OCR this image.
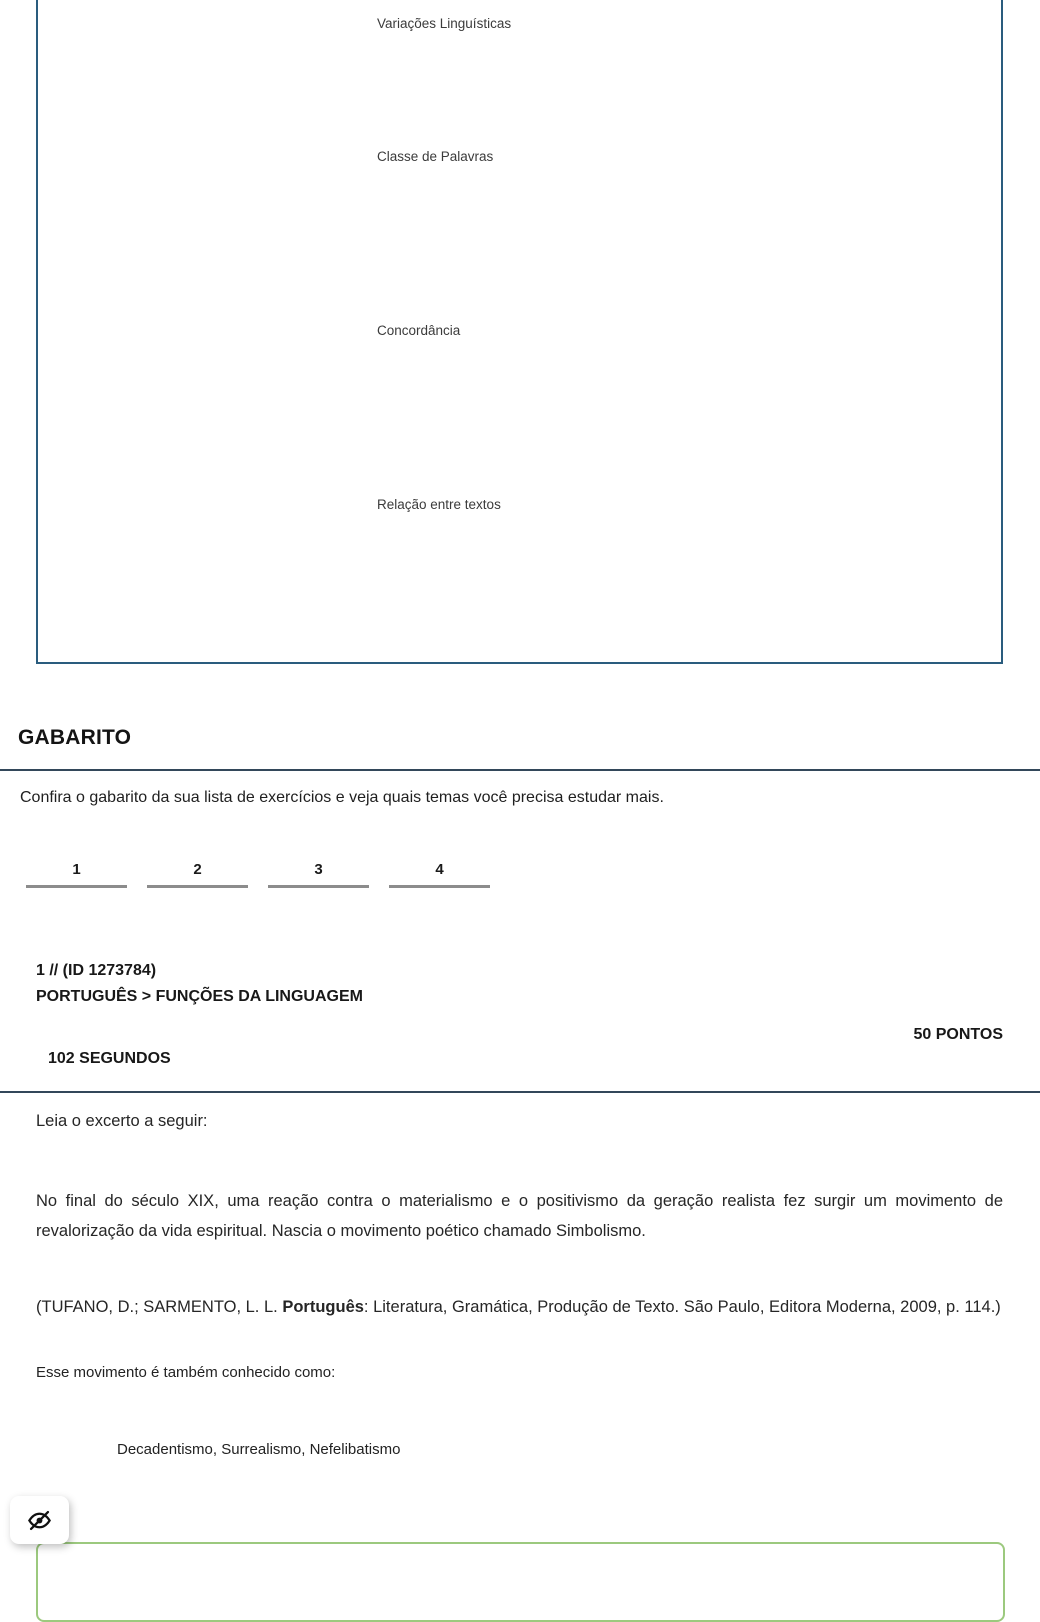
Variações Linguísticas
Classe de Palavras
Concordância
Relação entre textos
GABARITO
Confira o gabarito da sua lista de exercícios e veja quais temas você precisa estudar mais.
1	2	3	4
1 // (ID 1273784)
PORTUGUÊS > FUNÇÕES DA LINGUAGEM
50 PONTOS
102 SEGUNDOS
Leia o excerto a seguir:
No final do século XIX, uma reação contra o materialismo e o positivismo da geração realista fez surgir um movimento de revalorização da vida espiritual. Nascia o movimento poético chamado Simbolismo.
(TUFANO, D.; SARMENTO, L. L. Português: Literatura, Gramática, Produção de Texto. São Paulo, Editora Moderna, 2009, p. 114.)
Esse movimento é também conhecido como:
Decadentismo, Surrealismo, Nefelibatismo
